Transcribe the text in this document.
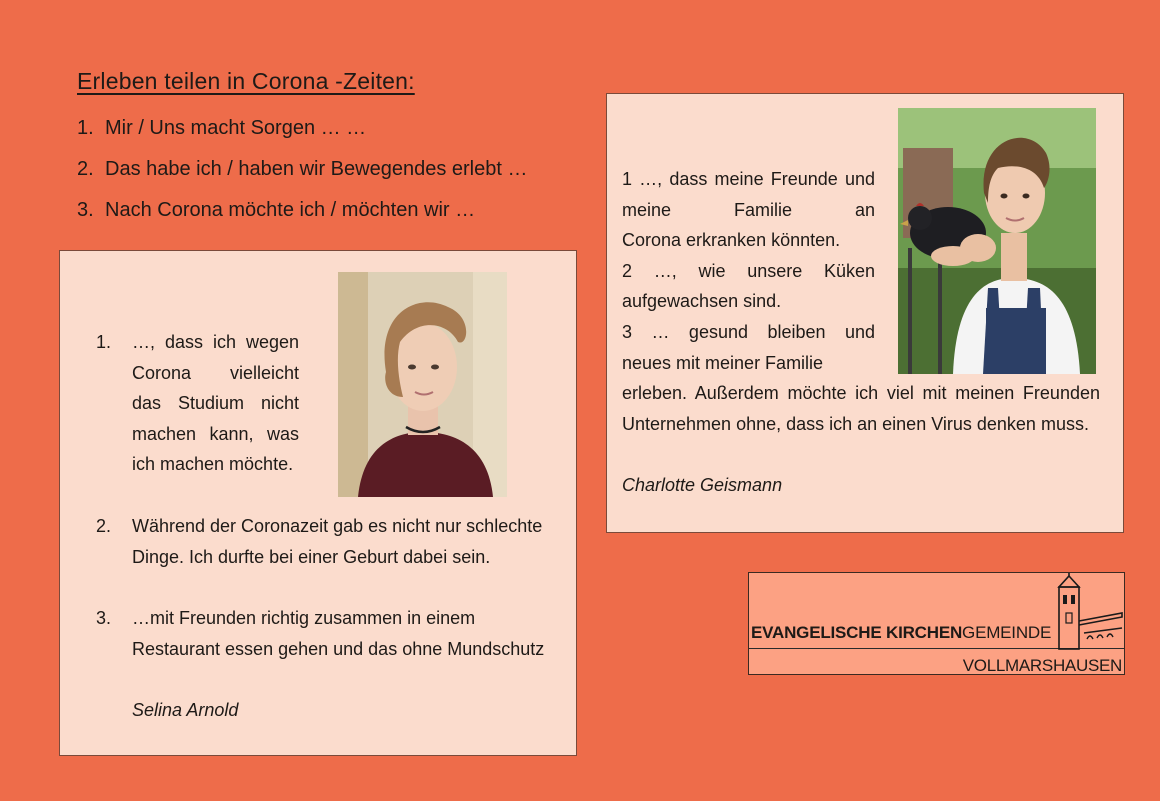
Erleben teilen in Corona -Zeiten:
1. Mir / Uns macht Sorgen … …
2. Das habe ich / haben wir Bewegendes erlebt …
3. Nach Corona möchte ich / möchten wir …
1. …, dass ich wegen Corona vielleicht das Studium nicht machen kann, was ich machen möchte.
2. Während der Coronazeit gab es nicht nur schlechte Dinge. Ich durfte bei einer Geburt dabei sein.
3. …mit Freunden richtig zusammen in einem Restaurant essen gehen und das ohne Mundschutz
Selina Arnold

1 …, dass meine Freunde und meine Familie an

Corona erkranken könnten.

2 …, wie unsere Küken

aufgewachsen sind.

3 … gesund bleiben und

neues mit meiner Familie

erleben. Außerdem möchte ich viel mit meinen Freunden Unternehmen ohne, dass ich an einen Virus denken muss.
Charlotte Geismann
EVANGELISCHE KIRCHENGEMEINDE
VOLLMARSHAUSEN
